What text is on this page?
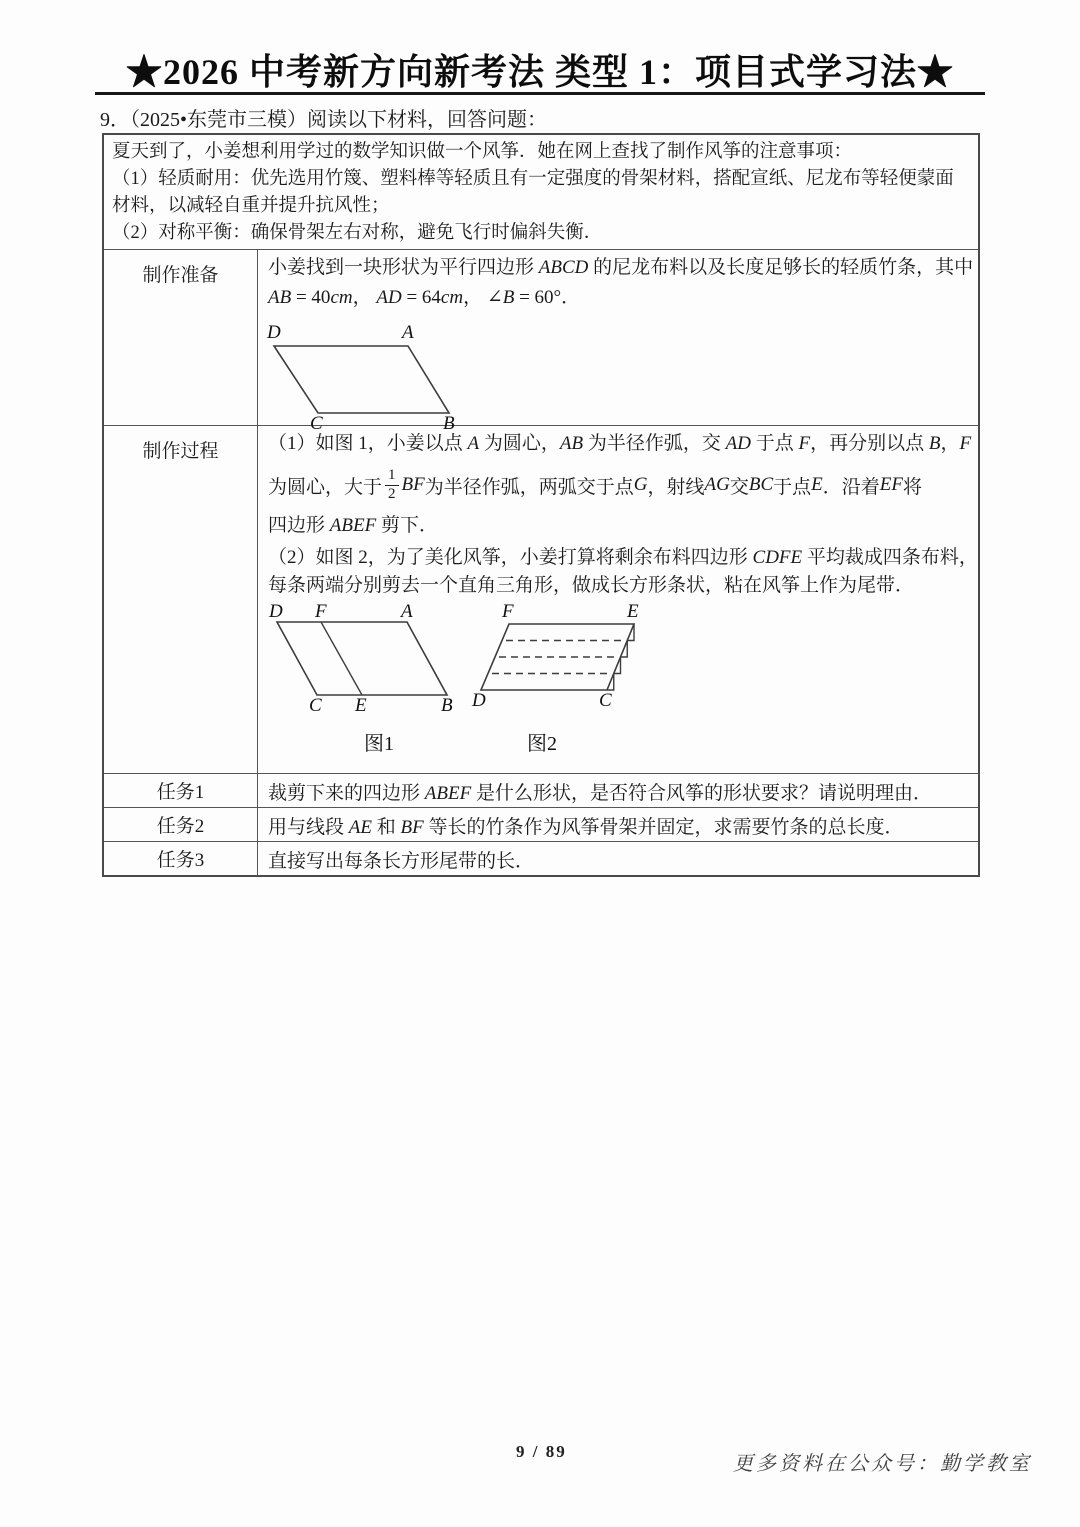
★2026 中考新方向新考法 类型 1：项目式学习法★
9．（2025•东莞市三模）阅读以下材料，回答问题：
夏天到了，小姜想利用学过的数学知识做一个风筝．她在网上查找了制作风筝的注意事项：
（1）轻质耐用：优先选用竹篾、塑料棒等轻质且有一定强度的骨架材料，搭配宣纸、尼龙布等轻便蒙面
材料，以减轻自重并提升抗风性；
（2）对称平衡：确保骨架左右对称，避免飞行时偏斜失衡．
制作准备	小姜找到一块形状为平行四边形 ABCD 的尼龙布料以及长度足够长的轻质竹条，其中
AB = 40cm， AD = 64cm， ∠B = 60°．
D	A
C	B
制作过程	（1）如图 1，小姜以点 A 为圆心，AB 为半径作弧，交 AD 于点 F，再分别以点 B，F
为圆心，大于 $\frac{1}{2}$ BF 为半径作弧，两弧交于点 G ，射线 AG 交 BC 于点 E ．沿着 EF 将
四边形 ABEF 剪下．
（2）如图 2，为了美化风筝，小姜打算将剩余布料四边形 CDFE 平均裁成四条布料，
每条两端分别剪去一个直角三角形，做成长方形条状，粘在风筝上作为尾带．
D F	A
C E	B
图1
F	E
D	C
图2
任务1	裁剪下来的四边形 ABEF 是什么形状，是否符合风筝的形状要求？请说明理由．
任务2	用与线段 AE 和 BF 等长的竹条作为风筝骨架并固定，求需要竹条的总长度．
任务3	直接写出每条长方形尾带的长．
9 / 89	更多资料在公众号：勤学教室
